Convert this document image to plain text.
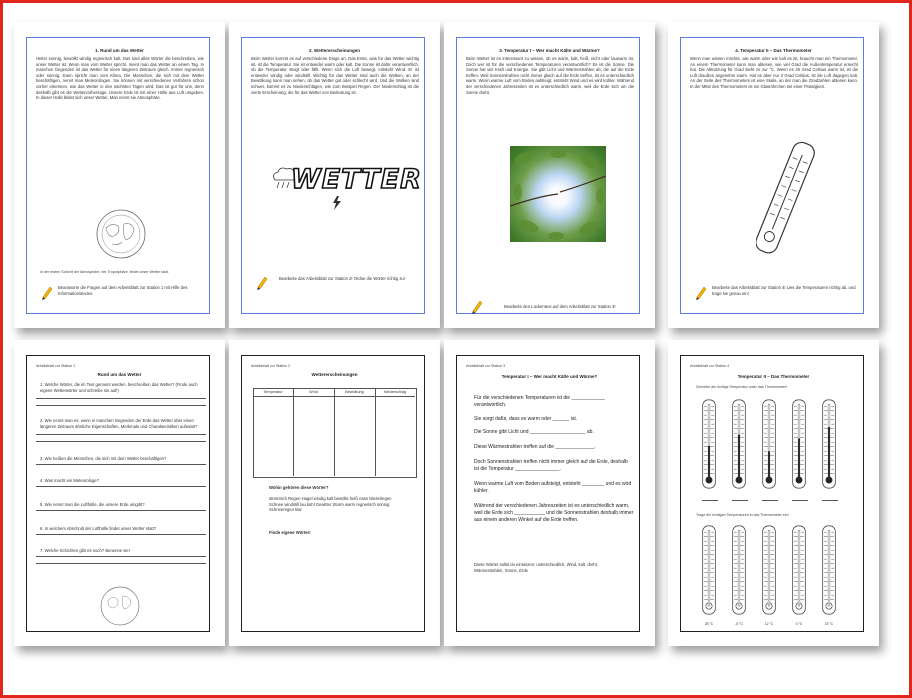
1. Rund um das Wetter
Heiter sonnig, bewölkt windig regnerisch kalt. Das sind alles Wörter die beschreiben, wie unser Wetter ist. Wenn man vom Wetter spricht, meint man das Wetter an einem Tag. In manchen Gegenden ist das Wetter für einen längeren Zeitraum gleich. Immer regnerisch oder sonnig. Dann spricht man vom Klima. Die Menschen, die sich mit dem Wetter beschäftigen, nennt man Meteorologen. Sie können mit verschiedenen Verfahren schon vorher erkennen, wie das Wetter in den nächsten Tagen wird. Das ist gut für uns, denn deshalb gibt es die Wettervorhersage. Unsere Erde ist mit einer Hülle aus Luft umgeben. In dieser Hülle bildet sich unser Wetter. Man nennt sie Atmosphäre.
In der ersten Schicht der Atmosphäre, der Troposphäre, findet unser Wetter statt.
Beantworte die Fragen auf dem Arbeitsblatt zur Station 1 mit Hilfe des Informationstextes.
2. Wettererscheinungen
Beim Wetter kommt es auf verschiedene Dinge an. Das Erste, was für das Wetter wichtig ist, ist die Temperatur. Sie ist entweder warm oder kalt. Die Sonne ist dafür verantwortlich, ob die Temperatur steigt oder fällt. Wenn sich die Luft bewegt, entsteht Wind. Er ist entweder windig oder windstill. Wichtig für das Wetter sind auch die Wolken, an der Bewölkung kann man sehen, ob das Wetter gut oder schlecht wird. Und die Wolken sind schwer, kommt es zu Niederschlägen, wie zum Beispiel Regen. Der Niederschlag ist die vierte Erscheinung, die für das Wetter von Bedeutung ist.
WETTER
Bearbeite das Arbeitsblatt zur Station 2! Ordne die Wörter richtig zu!
3. Temperatur I – Wer macht Kälte und Wärme?
Beim Wetter ist es interessant zu wissen, ob es warm, kalt, heiß, nicht oder lauwarm ist. Doch wer ist für die verschiedenen Temperaturen verantwortlich? Es ist die Sonne. Die Sonne hat viel Kraft und Energie. Sie gibt Licht und Wärmestrahlen ab, die auf die Erde treffen. Weil Sonnenstrahlen nicht immer gleich auf die Erde treffen, ist es unterschiedlich warm. Wenn warme Luft vom Boden aufsteigt, entsteht Wind und es wird kühler. Während der verschiedenen Jahreszeiten ist es unterschiedlich warm, weil die Erde sich um die Sonne dreht.
Bearbeite den Lückentext auf dem Arbeitsblatt zur Station 3!
4. Temperatur II – Das Thermometer
Wenn man wissen möchte, wie warm oder wie kalt es ist, braucht man ein Thermometer. An einem Thermometer kann man ablesen, wie viel Grad die Außentemperatur erreicht hat. Die Abkürzung für Grad steht zu zur °C. Wenn es 25 Grad Celsius warm ist, ist die Luft draußen angenehm warm. Hat es aber nur 3 Grad Celsius, ist die Luft dagegen kalt. An der Seite des Thermometers ist eine Skala, an der man die Gradzahlen ablesen kann. In der Mitte des Thermometers ist ein Glasröhrchen mit einer Flüssigkeit.
Bearbeite das Arbeitsblatt zur Station 4! Lies die Temperaturen richtig ab, und trage sie genau ein!
Arbeitsblatt zur Station 1
Rund um das Wetter
1. Welche Wörter, die im Text genannt werden, beschreiben das Wetter? (Finde auch eigene Wetterwörter und schreibe sie auf!)
2. Wie nennt man es, wenn in manchen Gegenden der Erde das Wetter über einen längeren Zeitraum ähnliche Eigenschaften, Merkmale und Charakteristiken aufweist?
3. Wie heißen die Menschen, die sich mit dem Wetter beschäftigen?
4. Was macht ein Meteorologe?
5. Wie nennt man die Lufthülle, die unsere Erde umgibt?
6. In welchem Abschnitt der Lufthülle findet unser Wetter statt?
7. Welche Schichten gibt es noch? Benenne sie!
Arbeitsblatt zur Station 2
Wettererscheinungen
Temperatur	Wind	Bewölkung	Niederschlag
Wohin gehören diese Wörter?
stürmisch Regen Hagel windig kalt bewölkt heiß nass Nieselregen Schnee windstill lau kühl Gewitter Sturm warm regnerisch sonnig Schneeregen klar
Finde eigene Wörter!
Arbeitsblatt zur Station 3
Temperatur I – Wer macht Kälte und Wärme?
Für die verschiedenen Temperaturen ist die ____________ verantwortlich.
Sie sorgt dafür, dass es warm oder ______ ist.
Die Sonne gibt Licht und ____________________ ab.
Diese Wärmestrahlen treffen auf die ______________.
Doch Sonnenstrahlen treffen nicht immer gleich auf die Erde, deshalb ist die Temperatur ________________.
Wenn warme Luft vom Boden aufsteigt, entsteht ________ und es wird kühler.
Während der verschiedenen Jahreszeiten ist es unterschiedlich warm, weil die Erde sich ___________ und die Sonnenstrahlen deshalb immer aus einem anderen Winkel auf die Erde treffen.
Diese Wörter sollst du einsetzen: unterschiedlich, Wind, kalt, dreht, Wärmestrahlen, Sonne, Erde
Arbeitsblatt zur Station 4
Temperatur II – Das Thermometer
Schreibe die richtige Temperatur unter das Thermometer!
Trage die richtigen Temperaturen in das Thermometer ein!
28 °C	-5 °C	12 °C	0 °C	15 °C
